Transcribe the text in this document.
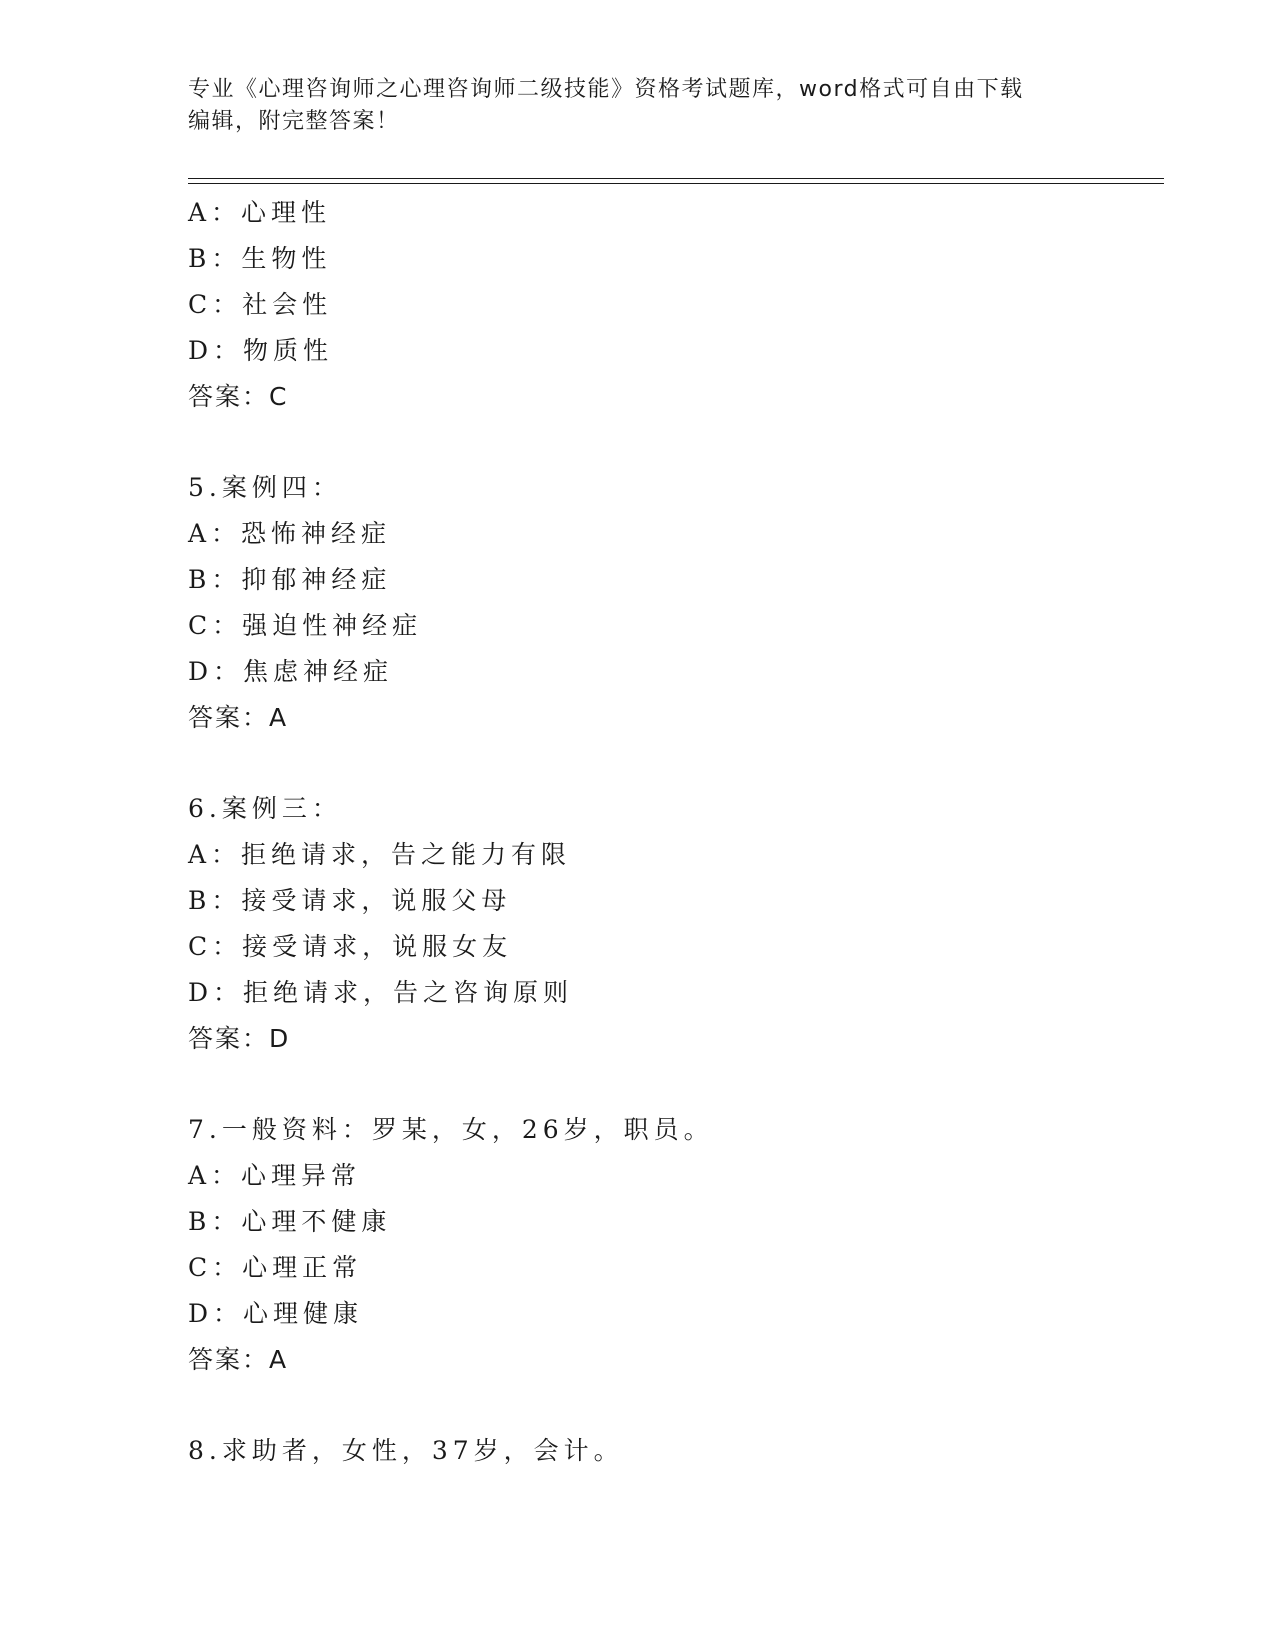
专业《心理咨询师之心理咨询师二级技能》资格考试题库，word格式可自由下载
编辑，附完整答案！
A：心理性
B：生物性
C：社会性
D：物质性
答案：C
5.案例四：
A：恐怖神经症
B：抑郁神经症
C：强迫性神经症
D：焦虑神经症
答案：A
6.案例三：
A：拒绝请求，告之能力有限
B：接受请求，说服父母
C：接受请求，说服女友
D：拒绝请求，告之咨询原则
答案：D
7.一般资料：罗某，女，26岁，职员。
A：心理异常
B：心理不健康
C：心理正常
D：心理健康
答案：A
8.求助者，女性，37岁，会计。
